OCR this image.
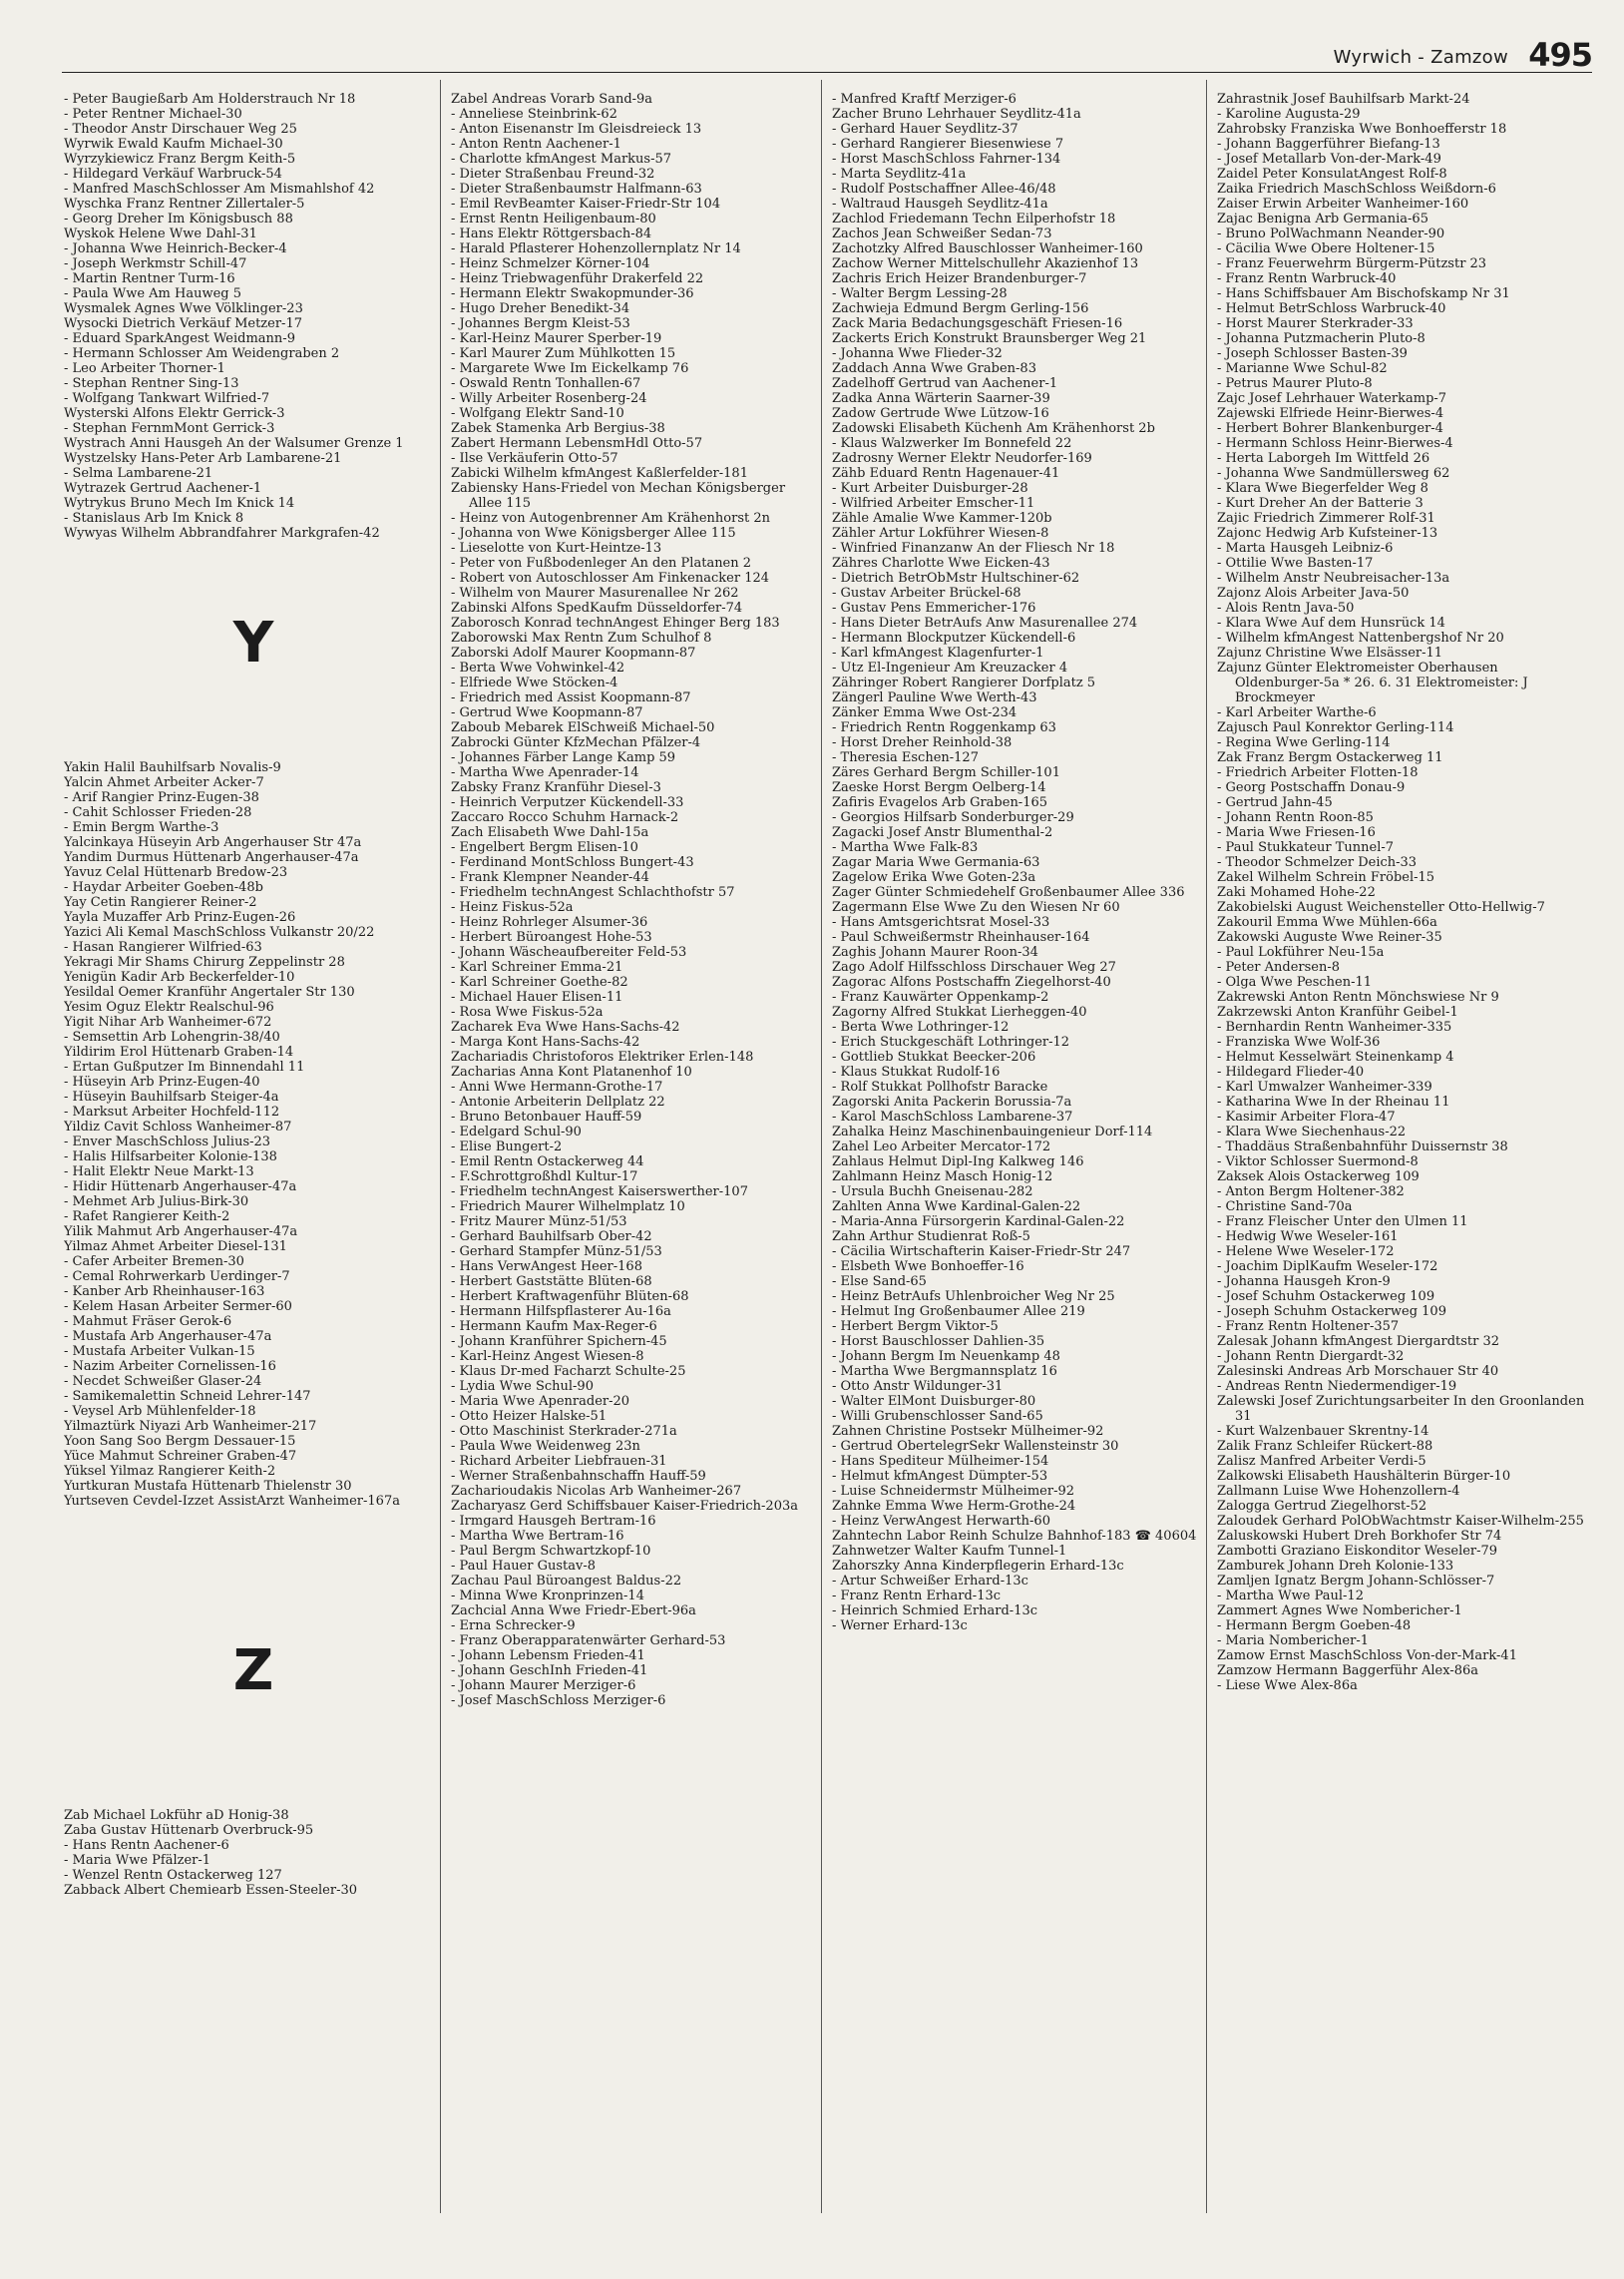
Wyrwich - Zamzow 495
- Peter Baugießarb Am Holderstrauch Nr 18
- Peter Rentner Michael-30
- Theodor Anstr Dirschauer Weg 25
Wyrwik Ewald Kaufm Michael-30
Wyrzykiewicz Franz Bergm Keith-5
- Hildegard Verkäuf Warbruck-54
- Manfred MaschSchlosser Am Mismahlshof 42
Wyschka Franz Rentner Zillertaler-5
- Georg Dreher Im Königsbusch 88
Wyskok Helene Wwe Dahl-31
- Johanna Wwe Heinrich-Becker-4
- Joseph Werkmstr Schill-47
- Martin Rentner Turm-16
- Paula Wwe Am Hauweg 5
Wysmalek Agnes Wwe Völklinger-23
Wysocki Dietrich Verkäuf Metzer-17
- Eduard SparkAngest Weidmann-9
- Hermann Schlosser Am Weidengraben 2
- Leo Arbeiter Thorner-1
- Stephan Rentner Sing-13
- Wolfgang Tankwart Wilfried-7
Wysterski Alfons Elektr Gerrick-3
- Stephan FernmMont Gerrick-3
Wystrach Anni Hausgeh An der Walsumer Grenze 1
Wystzelsky Hans-Peter Arb Lambarene-21
- Selma Lambarene-21
Wytrazek Gertrud Aachener-1
Wytrykus Bruno Mech Im Knick 14
- Stanislaus Arb Im Knick 8
Wywyas Wilhelm Abbrandfahrer Markgrafen-42
Y
Yakin Halil Bauhilfsarb Novalis-9
Yalcin Ahmet Arbeiter Acker-7
- Arif Rangier Prinz-Eugen-38
- Cahit Schlosser Frieden-28
- Emin Bergm Warthe-3
Yalcinkaya Hüseyin Arb Angerhauser Str 47a
Yandim Durmus Hüttenarb Angerhauser-47a
Yavuz Celal Hüttenarb Bredow-23
- Haydar Arbeiter Goeben-48b
Yay Cetin Rangierer Reiner-2
Yayla Muzaffer Arb Prinz-Eugen-26
Yazici Ali Kemal MaschSchloss Vulkanstr 20/22
- Hasan Rangierer Wilfried-63
Yekragi Mir Shams Chirurg Zeppelinstr 28
Yenigün Kadir Arb Beckerfelder-10
Yesildal Oemer Kranführ Angertaler Str 130
Yesim Oguz Elektr Realschul-96
Yigit Nihar Arb Wanheimer-672
- Semsettin Arb Lohengrin-38/40
Yildirim Erol Hüttenarb Graben-14
- Ertan Gußputzer Im Binnendahl 11
- Hüseyin Arb Prinz-Eugen-40
- Hüseyin Bauhilfsarb Steiger-4a
- Marksut Arbeiter Hochfeld-112
Yildiz Cavit Schloss Wanheimer-87
- Enver MaschSchloss Julius-23
- Halis Hilfsarbeiter Kolonie-138
- Halit Elektr Neue Markt-13
- Hidir Hüttenarb Angerhauser-47a
- Mehmet Arb Julius-Birk-30
- Rafet Rangierer Keith-2
Yilik Mahmut Arb Angerhauser-47a
Yilmaz Ahmet Arbeiter Diesel-131
- Cafer Arbeiter Bremen-30
- Cemal Rohrwerkarb Uerdinger-7
- Kanber Arb Rheinhauser-163
- Kelem Hasan Arbeiter Sermer-60
- Mahmut Fräser Gerok-6
- Mustafa Arb Angerhauser-47a
- Mustafa Arbeiter Vulkan-15
- Nazim Arbeiter Cornelissen-16
- Necdet Schweißer Glaser-24
- Samikemalettin Schneid Lehrer-147
- Veysel Arb Mühlenfelder-18
Yilmaztürk Niyazi Arb Wanheimer-217
Yoon Sang Soo Bergm Dessauer-15
Yüce Mahmut Schreiner Graben-47
Yüksel Yilmaz Rangierer Keith-2
Yurtkuran Mustafa Hüttenarb Thielenstr 30
Yurtseven Cevdel-Izzet AssistArzt Wanheimer-167a
Z
Zab Michael Lokführ aD Honig-38
Zaba Gustav Hüttenarb Overbruck-95
- Hans Rentn Aachener-6
- Maria Wwe Pfälzer-1
- Wenzel Rentn Ostackerweg 127
Zabback Albert Chemiearb Essen-Steeler-30
Zabel Andreas Vorarb Sand-9a
- Anneliese Steinbrink-62
- Anton Eisenanstr Im Gleisdreieck 13
- Anton Rentn Aachener-1
- Charlotte kfmAngest Markus-57
- Dieter Straßenbau Freund-32
- Dieter Straßenbaumstr Halfmann-63
- Emil RevBeamter Kaiser-Friedr-Str 104
- Ernst Rentn Heiligenbaum-80
- Hans Elektr Röttgersbach-84
- Harald Pflasterer Hohenzollernplatz Nr 14
- Heinz Schmelzer Körner-104
- Heinz Triebwagenführ Drakerfeld 22
- Hermann Elektr Swakopmunder-36
- Hugo Dreher Benedikt-34
- Johannes Bergm Kleist-53
- Karl-Heinz Maurer Sperber-19
- Karl Maurer Zum Mühlkotten 15
- Margarete Wwe Im Eickelkamp 76
- Oswald Rentn Tonhallen-67
- Willy Arbeiter Rosenberg-24
- Wolfgang Elektr Sand-10
Zabek Stamenka Arb Bergius-38
Zabert Hermann LebensmHdl Otto-57
- Ilse Verkäuferin Otto-57
Zabicki Wilhelm kfmAngest Kaßlerfelder-181
Zabiensky Hans-Friedel von Mechan Königsberger Allee 115
- Heinz von Autogenbrenner Am Krähenhorst 2n
- Johanna von Wwe Königsberger Allee 115
- Lieselotte von Kurt-Heintze-13
- Peter von Fußbodenleger An den Platanen 2
- Robert von Autoschlosser Am Finkenacker 124
- Wilhelm von Maurer Masurenallee Nr 262
Zabinski Alfons SpedKaufm Düsseldorfer-74
Zaborosch Konrad technAngest Ehinger Berg 183
Zaborowski Max Rentn Zum Schulhof 8
Zaborski Adolf Maurer Koopmann-87
- Berta Wwe Vohwinkel-42
- Elfriede Wwe Stöcken-4
- Friedrich med Assist Koopmann-87
- Gertrud Wwe Koopmann-87
Zaboub Mebarek ElSchweiß Michael-50
Zabrocki Günter KfzMechan Pfälzer-4
- Johannes Färber Lange Kamp 59
- Martha Wwe Apenrader-14
Zabsky Franz Kranführ Diesel-3
- Heinrich Verputzer Kückendell-33
Zaccaro Rocco Schuhm Harnack-2
Zach Elisabeth Wwe Dahl-15a
- Engelbert Bergm Elisen-10
- Ferdinand MontSchloss Bungert-43
- Frank Klempner Neander-44
- Friedhelm technAngest Schlachthofstr 57
- Heinz Fiskus-52a
- Heinz Rohrleger Alsumer-36
- Herbert Büroangest Hohe-53
- Johann Wäscheaufbereiter Feld-53
- Karl Schreiner Emma-21
- Karl Schreiner Goethe-82
- Michael Hauer Elisen-11
- Rosa Wwe Fiskus-52a
Zacharek Eva Wwe Hans-Sachs-42
- Marga Kont Hans-Sachs-42
Zachariadis Christoforos Elektriker Erlen-148
Zacharias Anna Kont Platanenhof 10
- Anni Wwe Hermann-Grothe-17
- Antonie Arbeiterin Dellplatz 22
- Bruno Betonbauer Hauff-59
- Edelgard Schul-90
- Elise Bungert-2
- Emil Rentn Ostackerweg 44
- F.Schrottgroßhdl Kultur-17
- Friedhelm technAngest Kaiserswerther-107
- Friedrich Maurer Wilhelmplatz 10
- Fritz Maurer Münz-51/53
- Gerhard Bauhilfsarb Ober-42
- Gerhard Stampfer Münz-51/53
- Hans VerwAngest Heer-168
- Herbert Gaststätte Blüten-68
- Herbert Kraftwagenführ Blüten-68
- Hermann Hilfspflasterer Au-16a
- Hermann Kaufm Max-Reger-6
- Johann Kranführer Spichern-45
- Karl-Heinz Angest Wiesen-8
- Klaus Dr-med Facharzt Schulte-25
- Lydia Wwe Schul-90
- Maria Wwe Apenrader-20
- Otto Heizer Halske-51
- Otto Maschinist Sterkrader-271a
- Paula Wwe Weidenweg 23n
- Richard Arbeiter Liebfrauen-31
- Werner Straßenbahnschaffn Hauff-59
Zacharioudakis Nicolas Arb Wanheimer-267
Zacharyasz Gerd Schiffsbauer Kaiser-Friedrich-203a
- Irmgard Hausgeh Bertram-16
- Martha Wwe Bertram-16
- Paul Bergm Schwartzkopf-10
- Paul Hauer Gustav-8
Zachau Paul Büroangest Baldus-22
- Minna Wwe Kronprinzen-14
Zachcial Anna Wwe Friedr-Ebert-96a
- Erna Schrecker-9
- Franz Oberapparatenwärter Gerhard-53
- Johann Lebensm Frieden-41
- Johann GeschInh Frieden-41
- Johann Maurer Merziger-6
- Josef MaschSchloss Merziger-6
- Manfred Kraftf Merziger-6
Zacher Bruno Lehrhauer Seydlitz-41a
- Gerhard Hauer Seydlitz-37
- Gerhard Rangierer Biesenwiese 7
- Horst MaschSchloss Fahrner-134
- Marta Seydlitz-41a
- Rudolf Postschaffner Allee-46/48
- Waltraud Hausgeh Seydlitz-41a
Zachlod Friedemann Techn Eilperhofstr 18
Zachos Jean Schweißer Sedan-73
Zachotzky Alfred Bauschlosser Wanheimer-160
Zachow Werner Mittelschullehr Akazienhof 13
Zachris Erich Heizer Brandenburger-7
- Walter Bergm Lessing-28
Zachwieja Edmund Bergm Gerling-156
Zack Maria Bedachungsgeschäft Friesen-16
Zackerts Erich Konstrukt Braunsberger Weg 21
- Johanna Wwe Flieder-32
Zaddach Anna Wwe Graben-83
Zadelhoff Gertrud van Aachener-1
Zadka Anna Wärterin Saarner-39
Zadow Gertrude Wwe Lützow-16
Zadowski Elisabeth Küchenh Am Krähenhorst 2b
- Klaus Walzwerker Im Bonnefeld 22
Zadrosny Werner Elektr Neudorfer-169
Zähb Eduard Rentn Hagenauer-41
- Kurt Arbeiter Duisburger-28
- Wilfried Arbeiter Emscher-11
Zähle Amalie Wwe Kammer-120b
Zähler Artur Lokführer Wiesen-8
- Winfried Finanzanw An der Fliesch Nr 18
Zähres Charlotte Wwe Eicken-43
- Dietrich BetrObMstr Hultschiner-62
- Gustav Arbeiter Brückel-68
- Gustav Pens Emmericher-176
- Hans Dieter BetrAufs Anw Masurenallee 274
- Hermann Blockputzer Kückendell-6
- Karl kfmAngest Klagenfurter-1
- Utz El-Ingenieur Am Kreuzacker 4
Zähringer Robert Rangierer Dorfplatz 5
Zängerl Pauline Wwe Werth-43
Zänker Emma Wwe Ost-234
- Friedrich Rentn Roggenkamp 63
- Horst Dreher Reinhold-38
- Theresia Eschen-127
Zäres Gerhard Bergm Schiller-101
Zaeske Horst Bergm Oelberg-14
Zafiris Evagelos Arb Graben-165
- Georgios Hilfsarb Sonderburger-29
Zagacki Josef Anstr Blumenthal-2
- Martha Wwe Falk-83
Zagar Maria Wwe Germania-63
Zagelow Erika Wwe Goten-23a
Zager Günter Schmiedehelf Großenbaumer Allee 336
Zagermann Else Wwe Zu den Wiesen Nr 60
- Hans Amtsgerichtsrat Mosel-33
- Paul Schweißermstr Rheinhauser-164
Zaghis Johann Maurer Roon-34
Zago Adolf Hilfsschloss Dirschauer Weg 27
Zagorac Alfons Postschaffn Ziegelhorst-40
- Franz Kauwärter Oppenkamp-2
Zagorny Alfred Stukkat Lierheggen-40
- Berta Wwe Lothringer-12
- Erich Stuckgeschäft Lothringer-12
- Gottlieb Stukkat Beecker-206
- Klaus Stukkat Rudolf-16
- Rolf Stukkat Pollhofstr Baracke
Zagorski Anita Packerin Borussia-7a
- Karol MaschSchloss Lambarene-37
Zahalka Heinz Maschinenbauingenieur Dorf-114
Zahel Leo Arbeiter Mercator-172
Zahlaus Helmut Dipl-Ing Kalkweg 146
Zahlmann Heinz Masch Honig-12
- Ursula Buchh Gneisenau-282
Zahlten Anna Wwe Kardinal-Galen-22
- Maria-Anna Fürsorgerin Kardinal-Galen-22
Zahn Arthur Studienrat Roß-5
- Cäcilia Wirtschafterin Kaiser-Friedr-Str 247
- Elsbeth Wwe Bonhoeffer-16
- Else Sand-65
- Heinz BetrAufs Uhlenbroicher Weg Nr 25
- Helmut Ing Großenbaumer Allee 219
- Herbert Bergm Viktor-5
- Horst Bauschlosser Dahlien-35
- Johann Bergm Im Neuenkamp 48
- Martha Wwe Bergmannsplatz 16
- Otto Anstr Wildunger-31
- Walter ElMont Duisburger-80
- Willi Grubenschlosser Sand-65
Zahnen Christine Postsekr Mülheimer-92
- Gertrud ObertelegrSekr Wallensteinstr 30
- Hans Spediteur Mülheimer-154
- Helmut kfmAngest Dümpter-53
- Luise Schneidermstr Mülheimer-92
Zahnke Emma Wwe Herm-Grothe-24
- Heinz VerwAngest Herwarth-60
Zahntechn Labor Reinh Schulze Bahnhof-183 ☎ 40604
Zahnwetzer Walter Kaufm Tunnel-1
Zahorszky Anna Kinderpflegerin Erhard-13c
- Artur Schweißer Erhard-13c
- Franz Rentn Erhard-13c
- Heinrich Schmied Erhard-13c
- Werner Erhard-13c
Zahrastnik Josef Bauhilfsarb Markt-24
- Karoline Augusta-29
Zahrobsky Franziska Wwe Bonhoefferstr 18
- Johann Baggerführer Biefang-13
- Josef Metallarb Von-der-Mark-49
Zaidel Peter KonsulatAngest Rolf-8
Zaika Friedrich MaschSchloss Weißdorn-6
Zaiser Erwin Arbeiter Wanheimer-160
Zajac Benigna Arb Germania-65
- Bruno PolWachmann Neander-90
- Cäcilia Wwe Obere Holtener-15
- Franz Feuerwehrm Bürgerm-Pützstr 23
- Franz Rentn Warbruck-40
- Hans Schiffsbauer Am Bischofskamp Nr 31
- Helmut BetrSchloss Warbruck-40
- Horst Maurer Sterkrader-33
- Johanna Putzmacherin Pluto-8
- Joseph Schlosser Basten-39
- Marianne Wwe Schul-82
- Petrus Maurer Pluto-8
Zajc Josef Lehrhauer Waterkamp-7
Zajewski Elfriede Heinr-Bierwes-4
- Herbert Bohrer Blankenburger-4
- Hermann Schloss Heinr-Bierwes-4
- Herta Laborgeh Im Wittfeld 26
- Johanna Wwe Sandmüllersweg 62
- Klara Wwe Biegerfelder Weg 8
- Kurt Dreher An der Batterie 3
Zajic Friedrich Zimmerer Rolf-31
Zajonc Hedwig Arb Kufsteiner-13
- Marta Hausgeh Leibniz-6
- Ottilie Wwe Basten-17
- Wilhelm Anstr Neubreisacher-13a
Zajonz Alois Arbeiter Java-50
- Alois Rentn Java-50
- Klara Wwe Auf dem Hunsrück 14
- Wilhelm kfmAngest Nattenbergshof Nr 20
Zajunz Christine Wwe Elsässer-11
Zajunz Günter Elektromeister Oberhausen Oldenburger-5a * 26. 6. 31 Elektromeister: J Brockmeyer
- Karl Arbeiter Warthe-6
Zajusch Paul Konrektor Gerling-114
- Regina Wwe Gerling-114
Zak Franz Bergm Ostackerweg 11
- Friedrich Arbeiter Flotten-18
- Georg Postschaffn Donau-9
- Gertrud Jahn-45
- Johann Rentn Roon-85
- Maria Wwe Friesen-16
- Paul Stukkateur Tunnel-7
- Theodor Schmelzer Deich-33
Zakel Wilhelm Schrein Fröbel-15
Zaki Mohamed Hohe-22
Zakobielski August Weichensteller Otto-Hellwig-7
Zakouril Emma Wwe Mühlen-66a
Zakowski Auguste Wwe Reiner-35
- Paul Lokführer Neu-15a
- Peter Andersen-8
- Olga Wwe Peschen-11
Zakrewski Anton Rentn Mönchswiese Nr 9
Zakrzewski Anton Kranführ Geibel-1
- Bernhardin Rentn Wanheimer-335
- Franziska Wwe Wolf-36
- Helmut Kesselwärt Steinenkamp 4
- Hildegard Flieder-40
- Karl Umwalzer Wanheimer-339
- Katharina Wwe In der Rheinau 11
- Kasimir Arbeiter Flora-47
- Klara Wwe Siechenhaus-22
- Thaddäus Straßenbahnführ Duissernstr 38
- Viktor Schlosser Suermond-8
Zaksek Alois Ostackerweg 109
- Anton Bergm Holtener-382
- Christine Sand-70a
- Franz Fleischer Unter den Ulmen 11
- Hedwig Wwe Weseler-161
- Helene Wwe Weseler-172
- Joachim DiplKaufm Weseler-172
- Johanna Hausgeh Kron-9
- Josef Schuhm Ostackerweg 109
- Joseph Schuhm Ostackerweg 109
- Franz Rentn Holtener-357
Zalesak Johann kfmAngest Diergardtstr 32
- Johann Rentn Diergardt-32
Zalesinski Andreas Arb Morschauer Str 40
- Andreas Rentn Niedermendiger-19
Zalewski Josef Zurichtungsarbeiter In den Groonlanden 31
- Kurt Walzenbauer Skrentny-14
Zalik Franz Schleifer Rückert-88
Zalisz Manfred Arbeiter Verdi-5
Zalkowski Elisabeth Haushälterin Bürger-10
Zallmann Luise Wwe Hohenzollern-4
Zalogga Gertrud Ziegelhorst-52
Zaloudek Gerhard PolObWachtmstr Kaiser-Wilhelm-255
Zaluskowski Hubert Dreh Borkhofer Str 74
Zambotti Graziano Eiskonditor Weseler-79
Zamburek Johann Dreh Kolonie-133
Zamljen Ignatz Bergm Johann-Schlösser-7
- Martha Wwe Paul-12
Zammert Agnes Wwe Nombericher-1
- Hermann Bergm Goeben-48
- Maria Nombericher-1
Zamow Ernst MaschSchloss Von-der-Mark-41
Zamzow Hermann Baggerführ Alex-86a
- Liese Wwe Alex-86a
